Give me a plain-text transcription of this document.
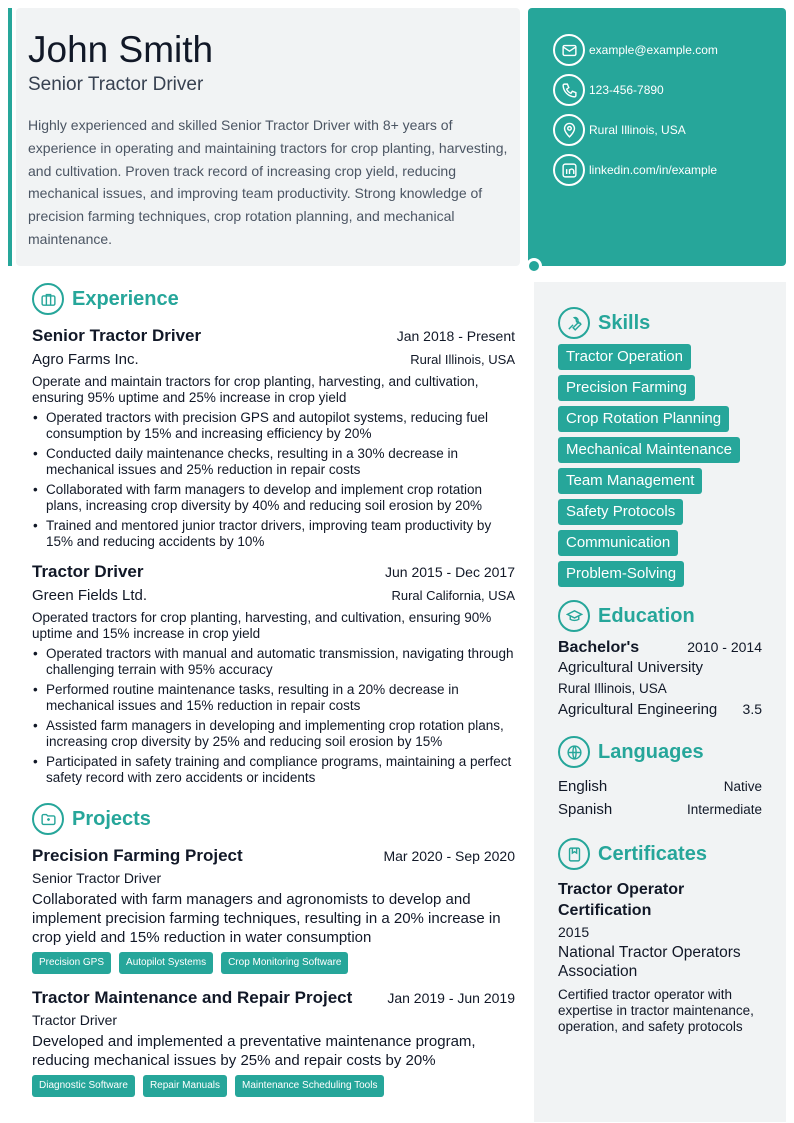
John Smith
Senior Tractor Driver

Highly experienced and skilled Senior Tractor Driver with 8+ years of experience in operating and maintaining tractors for crop planting, harvesting, and cultivation. Proven track record of increasing crop yield, reducing mechanical issues, and improving team productivity. Strong knowledge of precision farming techniques, crop rotation planning, and mechanical maintenance.

example@example.com
123-456-7890
Rural Illinois, USA
linkedin.com/in/example
Experience
Senior Tractor Driver	Jan 2018 - Present
Agro Farms Inc.	Rural Illinois, USA

Operate and maintain tractors for crop planting, harvesting, and cultivation, ensuring 95% uptime and 25% increase in crop yield

• Operated tractors with precision GPS and autopilot systems, reducing fuel consumption by 15% and increasing efficiency by 20%
• Conducted daily maintenance checks, resulting in a 30% decrease in mechanical issues and 25% reduction in repair costs
• Collaborated with farm managers to develop and implement crop rotation plans, increasing crop diversity by 40% and reducing soil erosion by 20%
• Trained and mentored junior tractor drivers, improving team productivity by 15% and reducing accidents by 10%
Tractor Driver	Jun 2015 - Dec 2017
Green Fields Ltd.	Rural California, USA

Operated tractors for crop planting, harvesting, and cultivation, ensuring 90% uptime and 15% increase in crop yield

• Operated tractors with manual and automatic transmission, navigating through challenging terrain with 95% accuracy
• Performed routine maintenance tasks, resulting in a 20% decrease in mechanical issues and 15% reduction in repair costs
• Assisted farm managers in developing and implementing crop rotation plans, increasing crop diversity by 25% and reducing soil erosion by 15%
• Participated in safety training and compliance programs, maintaining a perfect safety record with zero accidents or incidents
Projects
Precision Farming Project	Mar 2020 - Sep 2020
Senior Tractor Driver

Collaborated with farm managers and agronomists to develop and implement precision farming techniques, resulting in a 20% increase in crop yield and 15% reduction in water consumption

Precision GPS	Autopilot Systems	Crop Monitoring Software
Tractor Maintenance and Repair Project	Jan 2019 - Jun 2019
Tractor Driver

Developed and implemented a preventative maintenance program, reducing mechanical issues by 25% and repair costs by 20%

Diagnostic Software	Repair Manuals	Maintenance Scheduling Tools
Skills
Tractor Operation
Precision Farming
Crop Rotation Planning
Mechanical Maintenance
Team Management
Safety Protocols
Communication
Problem-Solving
Education
Bachelor's	2010 - 2014
Agricultural University
Rural Illinois, USA
Agricultural Engineering 3.5
Languages
English	Native
Spanish	Intermediate
Certificates
Tractor Operator Certification
2015
National Tractor Operators Association
Certified tractor operator with expertise in tractor maintenance, operation, and safety protocols
